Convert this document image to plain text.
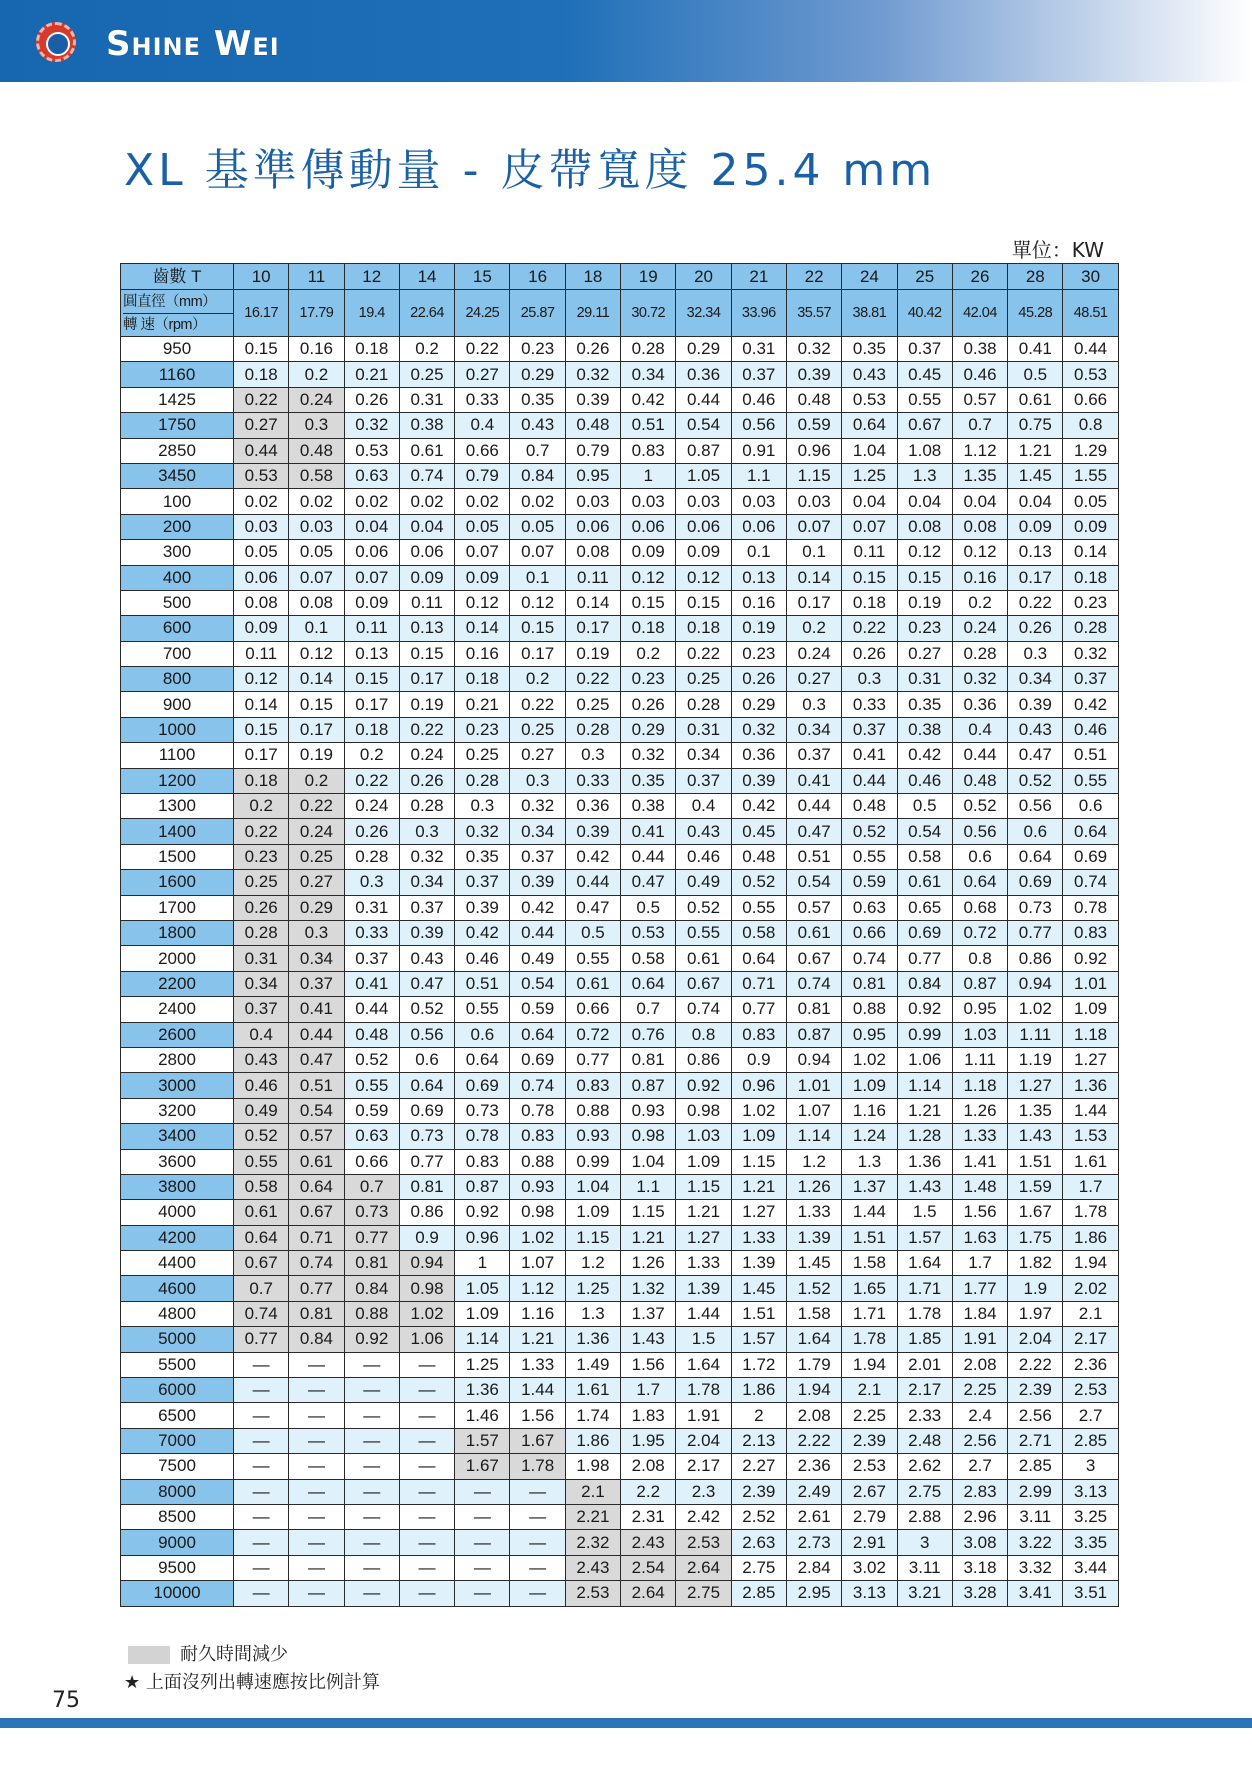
Shine Wei
XL 基準傳動量 - 皮帶寬度 25.4 mm
單位：KW
齒數 T	10	11	12	14	15	16	18	19	20	21	22	24	25	26	28	30

圓直徑（mm）
轉 速（rpm）	16.17	17.79	19.4	22.64	24.25	25.87	29.11	30.72	32.34	33.96	35.57	38.81	40.42	42.04	45.28	48.51
950	0.15	0.16	0.18	0.2	0.22	0.23	0.26	0.28	0.29	0.31	0.32	0.35	0.37	0.38	0.41	0.44
1160	0.18	0.2	0.21	0.25	0.27	0.29	0.32	0.34	0.36	0.37	0.39	0.43	0.45	0.46	0.5	0.53
1425	0.22	0.24	0.26	0.31	0.33	0.35	0.39	0.42	0.44	0.46	0.48	0.53	0.55	0.57	0.61	0.66
1750	0.27	0.3	0.32	0.38	0.4	0.43	0.48	0.51	0.54	0.56	0.59	0.64	0.67	0.7	0.75	0.8
2850	0.44	0.48	0.53	0.61	0.66	0.7	0.79	0.83	0.87	0.91	0.96	1.04	1.08	1.12	1.21	1.29
3450	0.53	0.58	0.63	0.74	0.79	0.84	0.95	1	1.05	1.1	1.15	1.25	1.3	1.35	1.45	1.55
100	0.02	0.02	0.02	0.02	0.02	0.02	0.03	0.03	0.03	0.03	0.03	0.04	0.04	0.04	0.04	0.05
200	0.03	0.03	0.04	0.04	0.05	0.05	0.06	0.06	0.06	0.06	0.07	0.07	0.08	0.08	0.09	0.09
300	0.05	0.05	0.06	0.06	0.07	0.07	0.08	0.09	0.09	0.1	0.1	0.11	0.12	0.12	0.13	0.14
400	0.06	0.07	0.07	0.09	0.09	0.1	0.11	0.12	0.12	0.13	0.14	0.15	0.15	0.16	0.17	0.18
500	0.08	0.08	0.09	0.11	0.12	0.12	0.14	0.15	0.15	0.16	0.17	0.18	0.19	0.2	0.22	0.23
600	0.09	0.1	0.11	0.13	0.14	0.15	0.17	0.18	0.18	0.19	0.2	0.22	0.23	0.24	0.26	0.28
700	0.11	0.12	0.13	0.15	0.16	0.17	0.19	0.2	0.22	0.23	0.24	0.26	0.27	0.28	0.3	0.32
800	0.12	0.14	0.15	0.17	0.18	0.2	0.22	0.23	0.25	0.26	0.27	0.3	0.31	0.32	0.34	0.37
900	0.14	0.15	0.17	0.19	0.21	0.22	0.25	0.26	0.28	0.29	0.3	0.33	0.35	0.36	0.39	0.42
1000	0.15	0.17	0.18	0.22	0.23	0.25	0.28	0.29	0.31	0.32	0.34	0.37	0.38	0.4	0.43	0.46
1100	0.17	0.19	0.2	0.24	0.25	0.27	0.3	0.32	0.34	0.36	0.37	0.41	0.42	0.44	0.47	0.51
1200	0.18	0.2	0.22	0.26	0.28	0.3	0.33	0.35	0.37	0.39	0.41	0.44	0.46	0.48	0.52	0.55
1300	0.2	0.22	0.24	0.28	0.3	0.32	0.36	0.38	0.4	0.42	0.44	0.48	0.5	0.52	0.56	0.6
1400	0.22	0.24	0.26	0.3	0.32	0.34	0.39	0.41	0.43	0.45	0.47	0.52	0.54	0.56	0.6	0.64
1500	0.23	0.25	0.28	0.32	0.35	0.37	0.42	0.44	0.46	0.48	0.51	0.55	0.58	0.6	0.64	0.69
1600	0.25	0.27	0.3	0.34	0.37	0.39	0.44	0.47	0.49	0.52	0.54	0.59	0.61	0.64	0.69	0.74
1700	0.26	0.29	0.31	0.37	0.39	0.42	0.47	0.5	0.52	0.55	0.57	0.63	0.65	0.68	0.73	0.78
1800	0.28	0.3	0.33	0.39	0.42	0.44	0.5	0.53	0.55	0.58	0.61	0.66	0.69	0.72	0.77	0.83
2000	0.31	0.34	0.37	0.43	0.46	0.49	0.55	0.58	0.61	0.64	0.67	0.74	0.77	0.8	0.86	0.92
2200	0.34	0.37	0.41	0.47	0.51	0.54	0.61	0.64	0.67	0.71	0.74	0.81	0.84	0.87	0.94	1.01
2400	0.37	0.41	0.44	0.52	0.55	0.59	0.66	0.7	0.74	0.77	0.81	0.88	0.92	0.95	1.02	1.09
2600	0.4	0.44	0.48	0.56	0.6	0.64	0.72	0.76	0.8	0.83	0.87	0.95	0.99	1.03	1.11	1.18
2800	0.43	0.47	0.52	0.6	0.64	0.69	0.77	0.81	0.86	0.9	0.94	1.02	1.06	1.11	1.19	1.27
3000	0.46	0.51	0.55	0.64	0.69	0.74	0.83	0.87	0.92	0.96	1.01	1.09	1.14	1.18	1.27	1.36
3200	0.49	0.54	0.59	0.69	0.73	0.78	0.88	0.93	0.98	1.02	1.07	1.16	1.21	1.26	1.35	1.44
3400	0.52	0.57	0.63	0.73	0.78	0.83	0.93	0.98	1.03	1.09	1.14	1.24	1.28	1.33	1.43	1.53
3600	0.55	0.61	0.66	0.77	0.83	0.88	0.99	1.04	1.09	1.15	1.2	1.3	1.36	1.41	1.51	1.61
3800	0.58	0.64	0.7	0.81	0.87	0.93	1.04	1.1	1.15	1.21	1.26	1.37	1.43	1.48	1.59	1.7
4000	0.61	0.67	0.73	0.86	0.92	0.98	1.09	1.15	1.21	1.27	1.33	1.44	1.5	1.56	1.67	1.78
4200	0.64	0.71	0.77	0.9	0.96	1.02	1.15	1.21	1.27	1.33	1.39	1.51	1.57	1.63	1.75	1.86
4400	0.67	0.74	0.81	0.94	1	1.07	1.2	1.26	1.33	1.39	1.45	1.58	1.64	1.7	1.82	1.94
4600	0.7	0.77	0.84	0.98	1.05	1.12	1.25	1.32	1.39	1.45	1.52	1.65	1.71	1.77	1.9	2.02
4800	0.74	0.81	0.88	1.02	1.09	1.16	1.3	1.37	1.44	1.51	1.58	1.71	1.78	1.84	1.97	2.1
5000	0.77	0.84	0.92	1.06	1.14	1.21	1.36	1.43	1.5	1.57	1.64	1.78	1.85	1.91	2.04	2.17
5500	—	—	—	—	1.25	1.33	1.49	1.56	1.64	1.72	1.79	1.94	2.01	2.08	2.22	2.36
6000	—	—	—	—	1.36	1.44	1.61	1.7	1.78	1.86	1.94	2.1	2.17	2.25	2.39	2.53
6500	—	—	—	—	1.46	1.56	1.74	1.83	1.91	2	2.08	2.25	2.33	2.4	2.56	2.7
7000	—	—	—	—	1.57	1.67	1.86	1.95	2.04	2.13	2.22	2.39	2.48	2.56	2.71	2.85
7500	—	—	—	—	1.67	1.78	1.98	2.08	2.17	2.27	2.36	2.53	2.62	2.7	2.85	3
8000	—	—	—	—	—	—	2.1	2.2	2.3	2.39	2.49	2.67	2.75	2.83	2.99	3.13
8500	—	—	—	—	—	—	2.21	2.31	2.42	2.52	2.61	2.79	2.88	2.96	3.11	3.25
9000	—	—	—	—	—	—	2.32	2.43	2.53	2.63	2.73	2.91	3	3.08	3.22	3.35
9500	—	—	—	—	—	—	2.43	2.54	2.64	2.75	2.84	3.02	3.11	3.18	3.32	3.44
10000	—	—	—	—	—	—	2.53	2.64	2.75	2.85	2.95	3.13	3.21	3.28	3.41	3.51
耐久時間減少
★ 上面沒列出轉速應按比例計算
75
